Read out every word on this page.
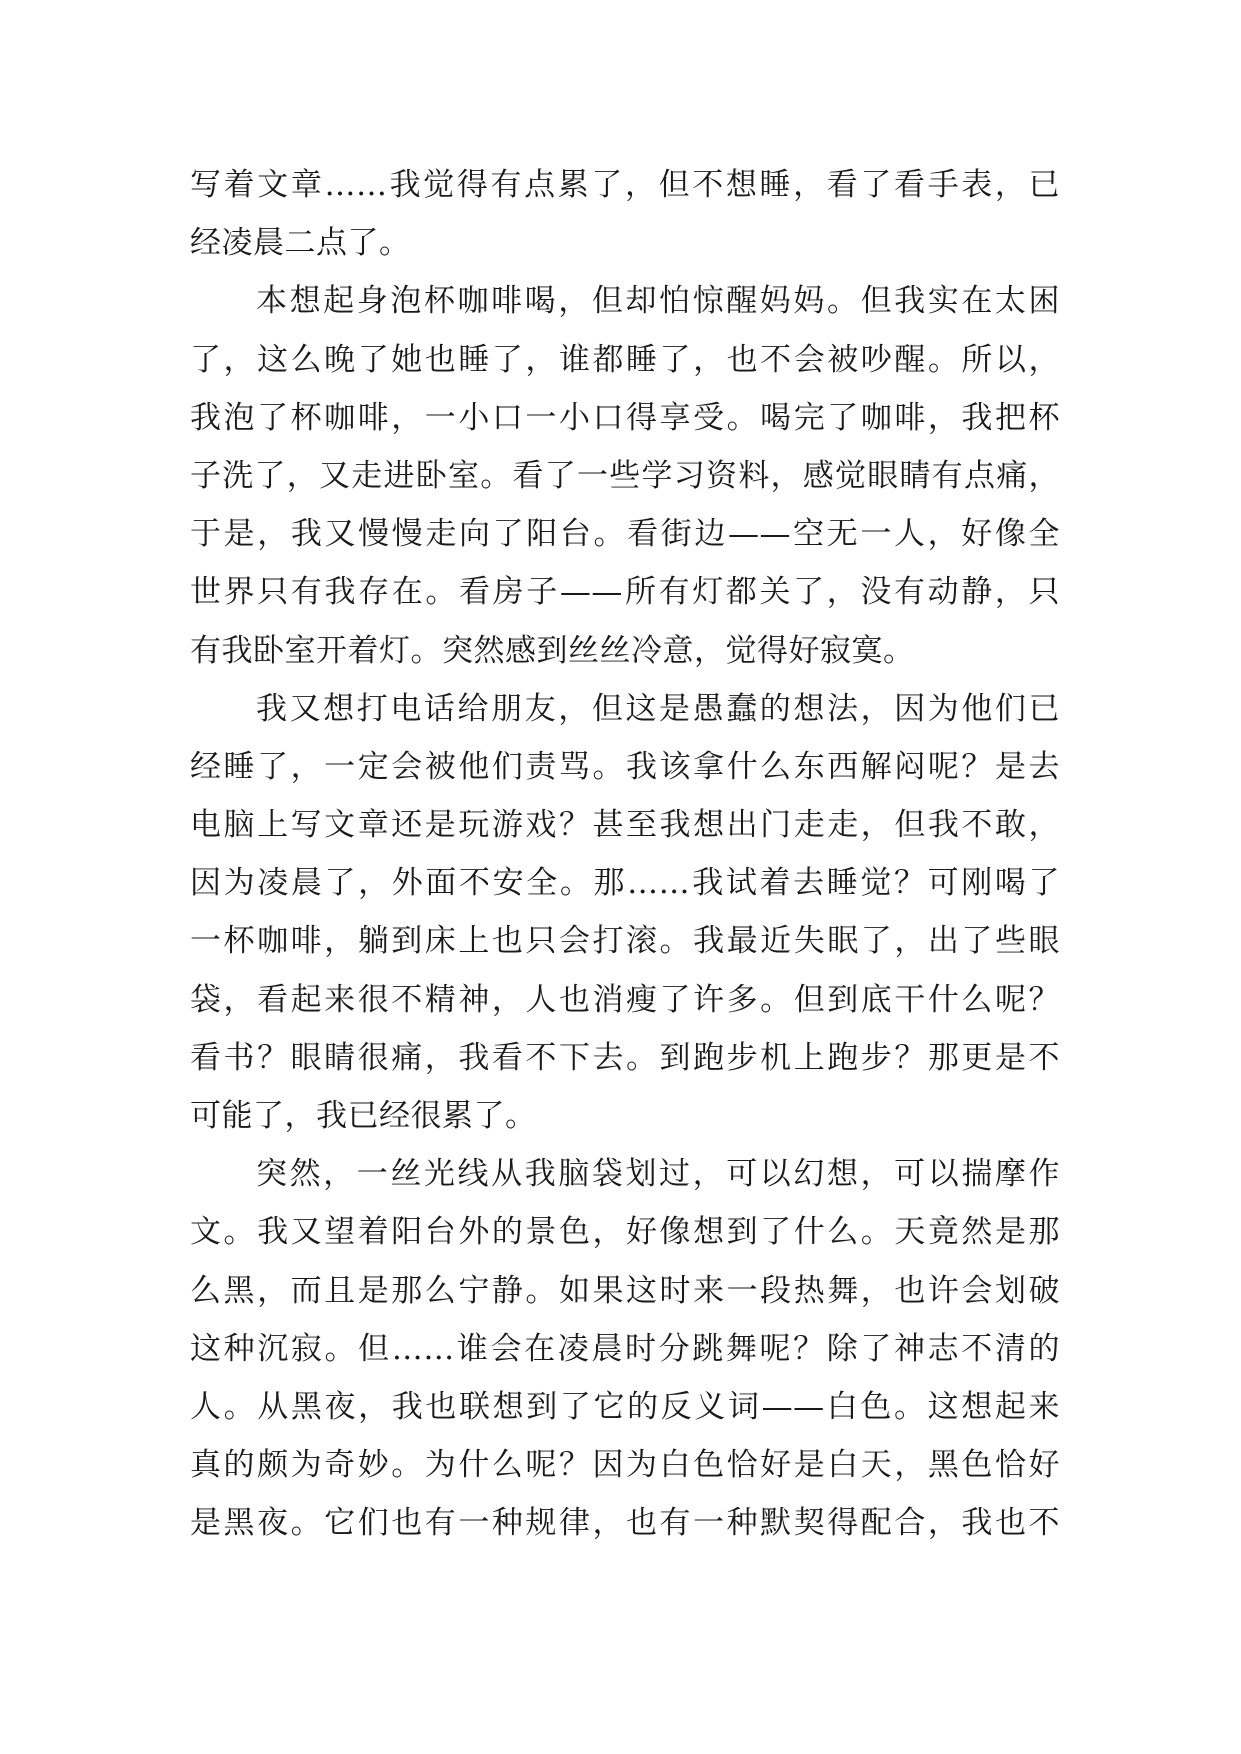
写着文章……我觉得有点累了，但不想睡，看了看手表，已
经凌晨二点了。
本想起身泡杯咖啡喝，但却怕惊醒妈妈。但我实在太困
了，这么晚了她也睡了，谁都睡了，也不会被吵醒。所以，
我泡了杯咖啡，一小口一小口得享受。喝完了咖啡，我把杯
子洗了，又走进卧室。看了一些学习资料，感觉眼睛有点痛，
于是，我又慢慢走向了阳台。看街边——空无一人，好像全
世界只有我存在。看房子——所有灯都关了，没有动静，只
有我卧室开着灯。突然感到丝丝冷意，觉得好寂寞。
我又想打电话给朋友，但这是愚蠢的想法，因为他们已
经睡了，一定会被他们责骂。我该拿什么东西解闷呢？是去
电脑上写文章还是玩游戏？甚至我想出门走走，但我不敢，
因为凌晨了，外面不安全。那……我试着去睡觉？可刚喝了
一杯咖啡，躺到床上也只会打滚。我最近失眠了，出了些眼
袋，看起来很不精神，人也消瘦了许多。但到底干什么呢？
看书？眼睛很痛，我看不下去。到跑步机上跑步？那更是不
可能了，我已经很累了。
突然，一丝光线从我脑袋划过，可以幻想，可以揣摩作
文。我又望着阳台外的景色，好像想到了什么。天竟然是那
么黑，而且是那么宁静。如果这时来一段热舞，也许会划破
这种沉寂。但……谁会在凌晨时分跳舞呢？除了神志不清的
人。从黑夜，我也联想到了它的反义词——白色。这想起来
真的颇为奇妙。为什么呢？因为白色恰好是白天，黑色恰好
是黑夜。它们也有一种规律，也有一种默契得配合，我也不
